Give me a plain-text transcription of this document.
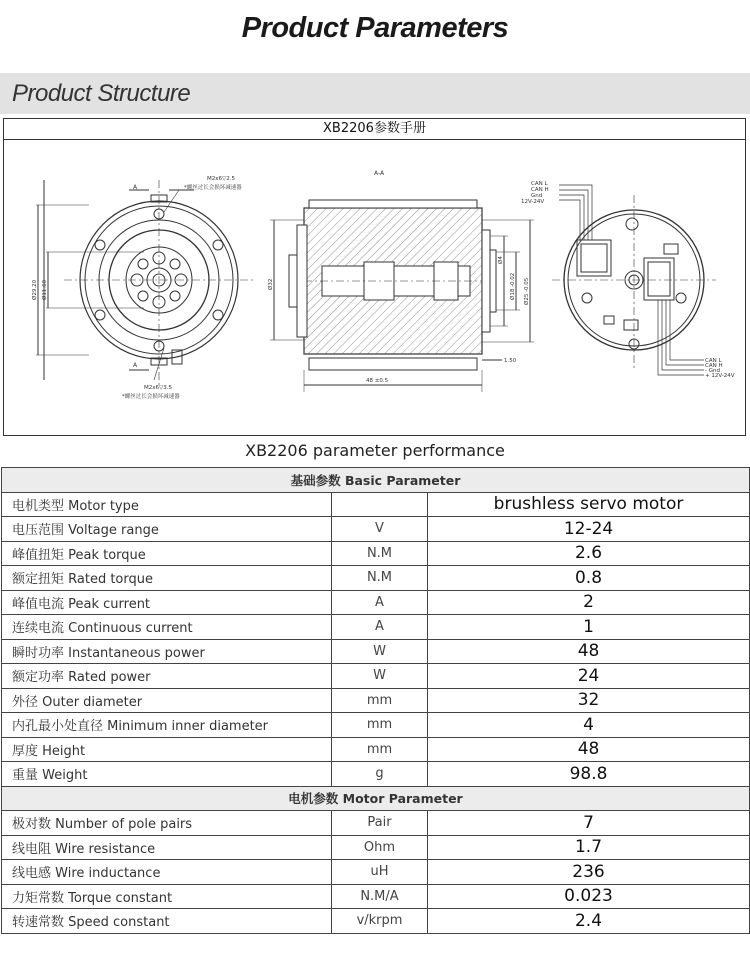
Product Parameters
Product Structure
XB2206参数手册
A
A
M2x6▽2.5
*螺丝过长会损坏减速器
M2x6▽3.5
*螺丝过长会损坏减速器
Ø29.20 Ø11.60
A-A
Ø32
Ø4
Ø18 -0.02 Ø25 -0.05
1.50
48 ±0.5
CAN L
CAN H
Gnd
12V-24V
CAN L
CAN H
- Gnd
+ 12V-24V
XB2206 parameter performance
基础参数 Basic Parameter		
电机类型 Motor type		brushless servo motor
电压范围 Voltage range	V	12-24
峰值扭矩 Peak torque	N.M	2.6
额定扭矩 Rated torque	N.M	0.8
峰值电流 Peak current	A	2
连续电流 Continuous current	A	1
瞬时功率 Instantaneous power	W	48
额定功率 Rated power	W	24
外径 Outer diameter	mm	32
内孔最小处直径 Minimum inner diameter	mm	4
厚度 Height	mm	48
重量 Weight	g	98.8
电机参数 Motor Parameter		
极对数 Number of pole pairs	Pair	7
线电阻 Wire resistance	Ohm	1.7
线电感 Wire inductance	uH	236
力矩常数 Torque constant	N.M/A	0.023
转速常数 Speed constant	v/krpm	2.4
